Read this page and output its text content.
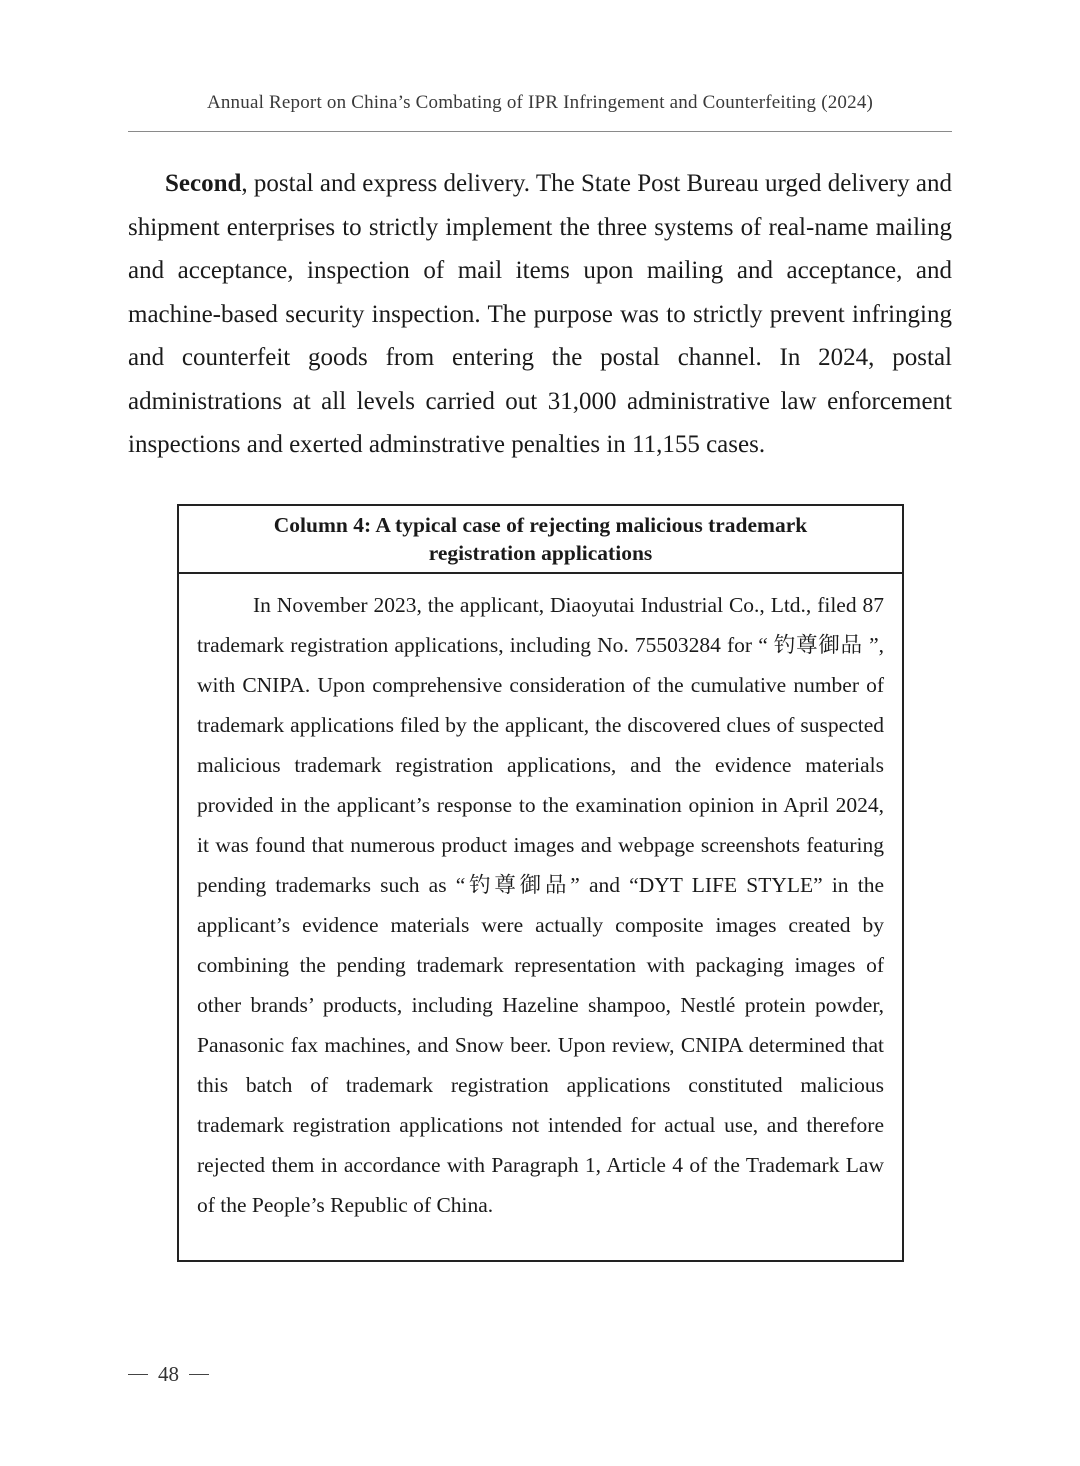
Annual Report on China’s Combating of IPR Infringement and Counterfeiting (2024)

Second, postal and express delivery. The State Post Bureau urged delivery and shipment enterprises to strictly implement the three systems of real-name mailing and acceptance, inspection of mail items upon mailing and acceptance, and machine-based security inspection. The purpose was to strictly prevent infringing and counterfeit goods from entering the postal channel. In 2024, postal administrations at all levels carried out 31,000 administrative law enforcement inspections and exerted adminstrative penalties in 11,155 cases.

Column 4: A typical case of rejecting malicious trademark registration applications

In November 2023, the applicant, Diaoyutai Industrial Co., Ltd., filed 87 trademark registration applications, including No. 75503284 for “ 钓尊御品 ”, with CNIPA. Upon comprehensive consideration of the cumulative number of trademark applications filed by the applicant, the discovered clues of suspected malicious trademark registration applications, and the evidence materials provided in the applicant’s response to the examination opinion in April 2024, it was found that numerous product images and webpage screenshots featuring pending trademarks such as “钓尊御品” and “DYT LIFE STYLE” in the applicant’s evidence materials were actually composite images created by combining the pending trademark representation with packaging images of other brands’ products, including Hazeline shampoo, Nestlé protein powder, Panasonic fax machines, and Snow beer. Upon review, CNIPA determined that this batch of trademark registration applications constituted malicious trademark registration applications not intended for actual use, and therefore rejected them in accordance with Paragraph 1, Article 4 of the Trademark Law of the People’s Republic of China.

48
